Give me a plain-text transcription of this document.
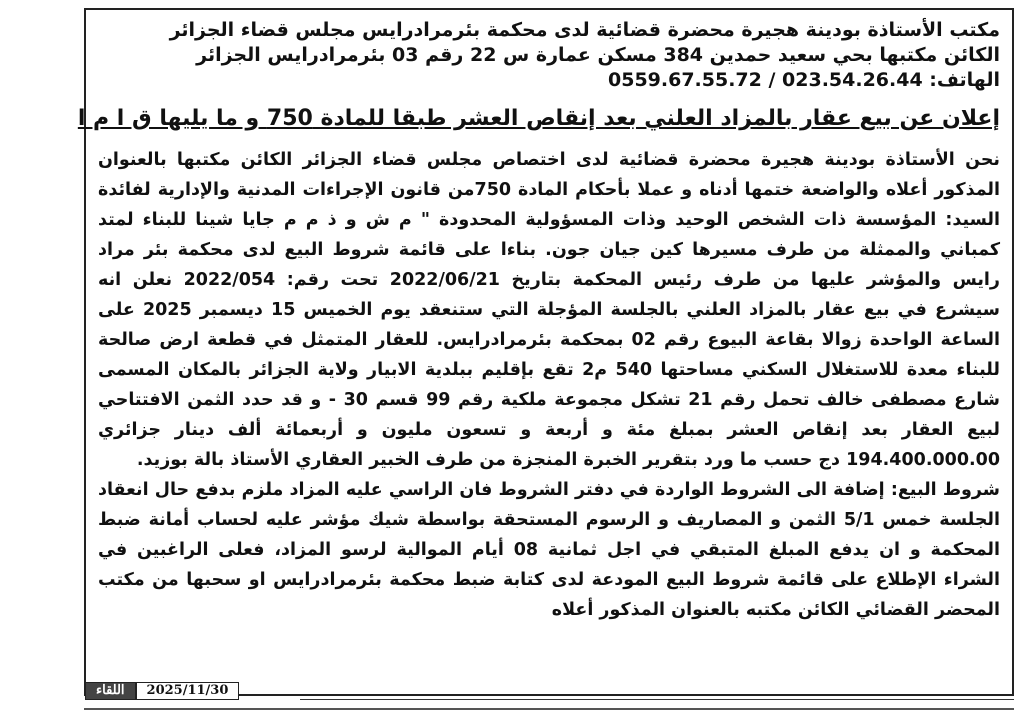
مكتب الأستاذة بودينة هجيرة محضرة قضائية لدى محكمة بئرمرادرايس مجلس قضاء الجزائر
الكائن مكتبها بحي سعيد حمدين 384 مسكن عمارة س 22 رقم 03 بئرمرادرايس الجزائر
الهاتف: 023.54.26.44 / 0559.67.55.72
إعلان عن بيع عقار بالمزاد العلني بعد إنقاص العشر طبقا للمادة 750 و ما يليها ق ا م ا

نحن الأستاذة بودينة هجيرة محضرة قضائية لدى اختصاص مجلس قضاء الجزائر الكائن مكتبها بالعنوان المذكور أعلاه والواضعة ختمها أدناه و عملا بأحكام المادة 750من قانون الإجراءات المدنية والإدارية لفائدة السيد: المؤسسة ذات الشخص الوحيد وذات المسؤولية المحدودة " م ش و ذ م م جايا شينا للبناء لمتد كمباني والممثلة من طرف مسيرها كين جيان جون. بناءا على قائمة شروط البيع لدى محكمة بئر مراد رايس والمؤشر عليها من طرف رئيس المحكمة بتاريخ 2022/06/21 تحت رقم: 2022/054 نعلن انه سيشرع في بيع عقار بالمزاد العلني بالجلسة المؤجلة التي ستنعقد يوم الخميس 15 ديسمبر 2025 على الساعة الواحدة زوالا بقاعة البيوع رقم 02 بمحكمة بئرمرادرايس. للعقار المتمثل في قطعة ارض صالحة للبناء معدة للاستغلال السكني مساحتها 540 م2 تقع بإقليم ببلدية الابيار ولاية الجزائر بالمكان المسمى شارع مصطفى خالف تحمل رقم 21 تشكل مجموعة ملكية رقم 99 قسم 30 - و قد حدد الثمن الافتتاحي لبيع العقار بعد إنقاص العشر بمبلغ مئة و أربعة و تسعون مليون و أربعمائة ألف دينار جزائري 194.400.000.00 دج حسب ما ورد بتقرير الخبرة المنجزة من طرف الخبير العقاري الأستاذ بالة بوزيد.

شروط البيع: إضافة الى الشروط الواردة في دفتر الشروط فان الراسي عليه المزاد ملزم بدفع حال انعقاد الجلسة خمس 5/1 الثمن و المصاريف و الرسوم المستحقة بواسطة شيك مؤشر عليه لحساب أمانة ضبط المحكمة و ان يدفع المبلغ المتبقي في اجل ثمانية 08 أيام الموالية لرسو المزاد، فعلى الراغبين في الشراء الإطلاع على قائمة شروط البيع المودعة لدى كتابة ضبط محكمة بئرمرادرايس او سحبها من مكتب المحضر القضائي الكائن مكتبه بالعنوان المذكور أعلاه

اللقاء	2025/11/30
